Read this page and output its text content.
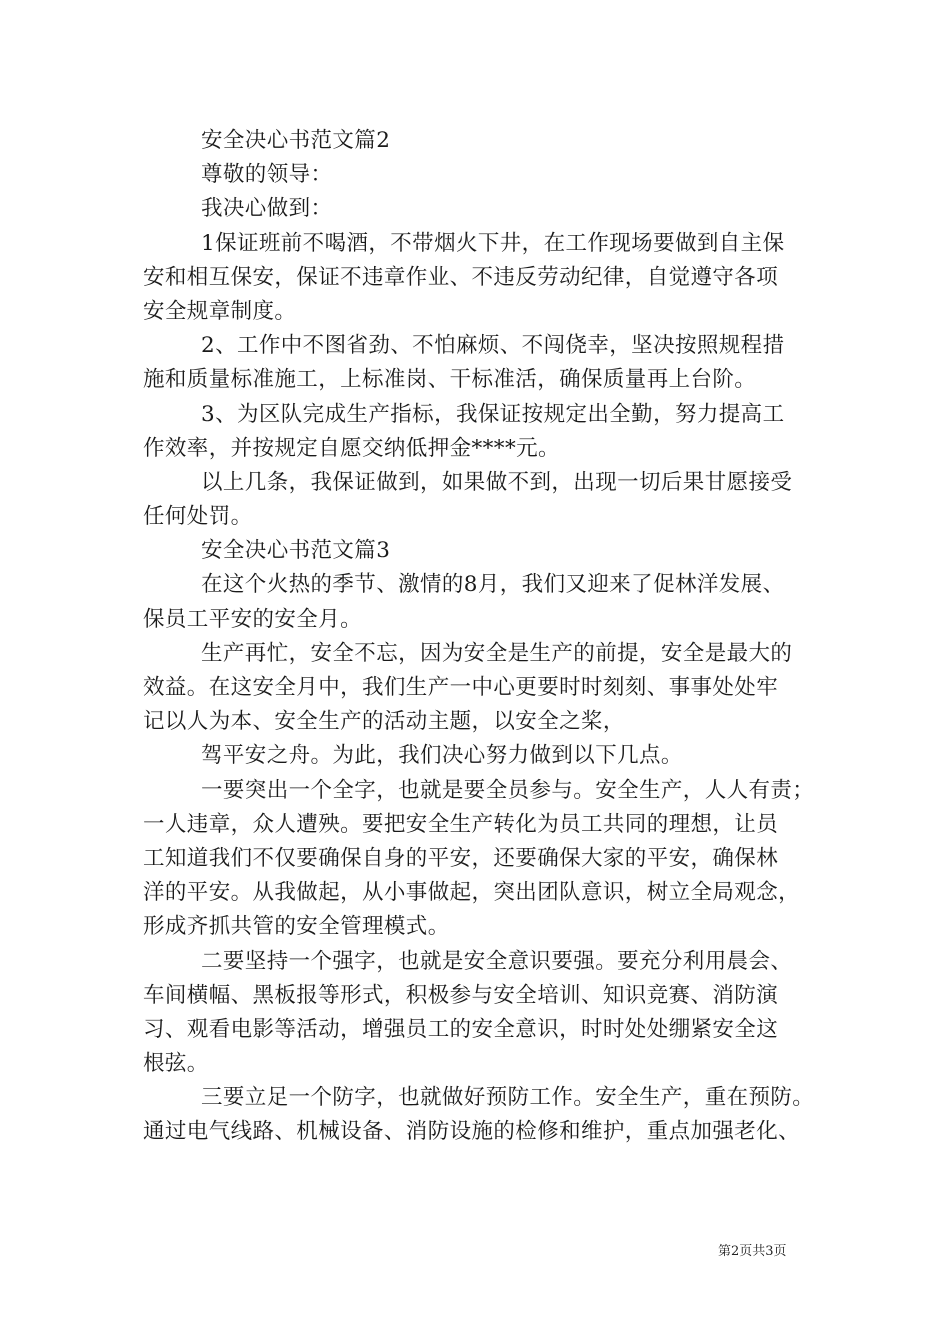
安全决心书范文篇2
尊敬的领导：
我决心做到：
1保证班前不喝酒，不带烟火下井，在工作现场要做到自主保
安和相互保安，保证不违章作业、不违反劳动纪律，自觉遵守各项
安全规章制度。
2、工作中不图省劲、不怕麻烦、不闯侥幸，坚决按照规程措
施和质量标准施工，上标准岗、干标准活，确保质量再上台阶。
3、为区队完成生产指标，我保证按规定出全勤，努力提高工
作效率，并按规定自愿交纳低押金****元。
以上几条，我保证做到，如果做不到，出现一切后果甘愿接受
任何处罚。
安全决心书范文篇3
在这个火热的季节、激情的8月，我们又迎来了促林洋发展、
保员工平安的安全月。
生产再忙，安全不忘，因为安全是生产的前提，安全是最大的
效益。在这安全月中，我们生产一中心更要时时刻刻、事事处处牢
记以人为本、安全生产的活动主题，以安全之桨，
驾平安之舟。为此，我们决心努力做到以下几点。
一要突出一个全字，也就是要全员参与。安全生产，人人有责；
一人违章，众人遭殃。要把安全生产转化为员工共同的理想，让员
工知道我们不仅要确保自身的平安，还要确保大家的平安，确保林
洋的平安。从我做起，从小事做起，突出团队意识，树立全局观念，
形成齐抓共管的安全管理模式。
二要坚持一个强字，也就是安全意识要强。要充分利用晨会、
车间横幅、黑板报等形式，积极参与安全培训、知识竞赛、消防演
习、观看电影等活动，增强员工的安全意识，时时处处绷紧安全这
根弦。
三要立足一个防字，也就做好预防工作。安全生产，重在预防。
通过电气线路、机械设备、消防设施的检修和维护，重点加强老化、
第2页共3页
